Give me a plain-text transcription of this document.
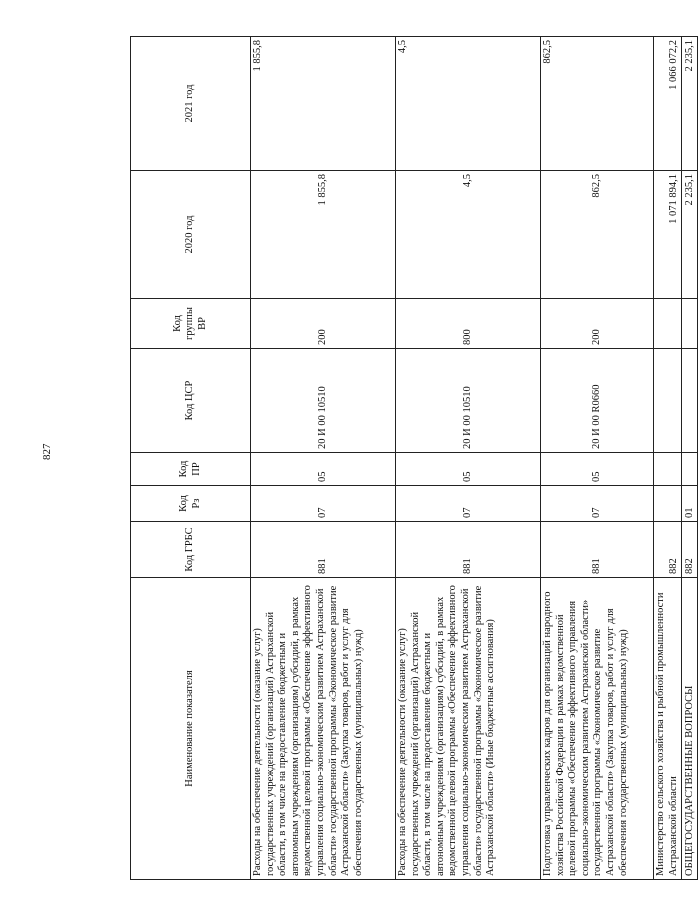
827
Наименование показателя	Код ГРБС	Код Рз	Код ПР	Код ЦСР	Код группы ВР	2020 год	2021 год
Расходы на обеспечение деятельности (оказание услуг) государственных учреждений (организаций) Астраханской области, в том числе на предоставление бюджетным и автономным учреждениям (организациям) субсидий, в рамках ведомственной целевой программы «Обеспечение эффективного управления социально-экономическим развитием Астраханской области» государственной программы «Экономическое развитие Астраханской области» (Закупка товаров, работ и услуг для обеспечения государственных (муниципальных) нужд)	881	07	05	20 И 00 10510	200	1 855,8	1 855,8
Расходы на обеспечение деятельности (оказание услуг) государственных учреждений (организаций) Астраханской области, в том числе на предоставление бюджетным и автономным учреждениям (организациям) субсидий, в рамках ведомственной целевой программы «Обеспечение эффективного управления социально-экономическим развитием Астраханской области» государственной программы «Экономическое развитие Астраханской области» (Иные бюджетные ассигнования)	881	07	05	20 И 00 10510	800	4,5	4,5
Подготовка управленческих кадров для организаций народного хозяйства Российской Федерации в рамках ведомственной целевой программы «Обеспечение эффективного управления социально-экономическим развитием Астраханской области» государственной программы «Экономическое развитие Астраханской области» (Закупка товаров, работ и услуг для обеспечения государственных (муниципальных) нужд)	881	07	05	20 И 00 R0660	200	862,5	862,5
Министерство сельского хозяйства и рыбной промышленности Астраханской области	882					1 071 894,1	1 066 072,2
ОБЩЕГОСУДАРСТВЕННЫЕ ВОПРОСЫ	882	01				2 235,1	2 235,1
